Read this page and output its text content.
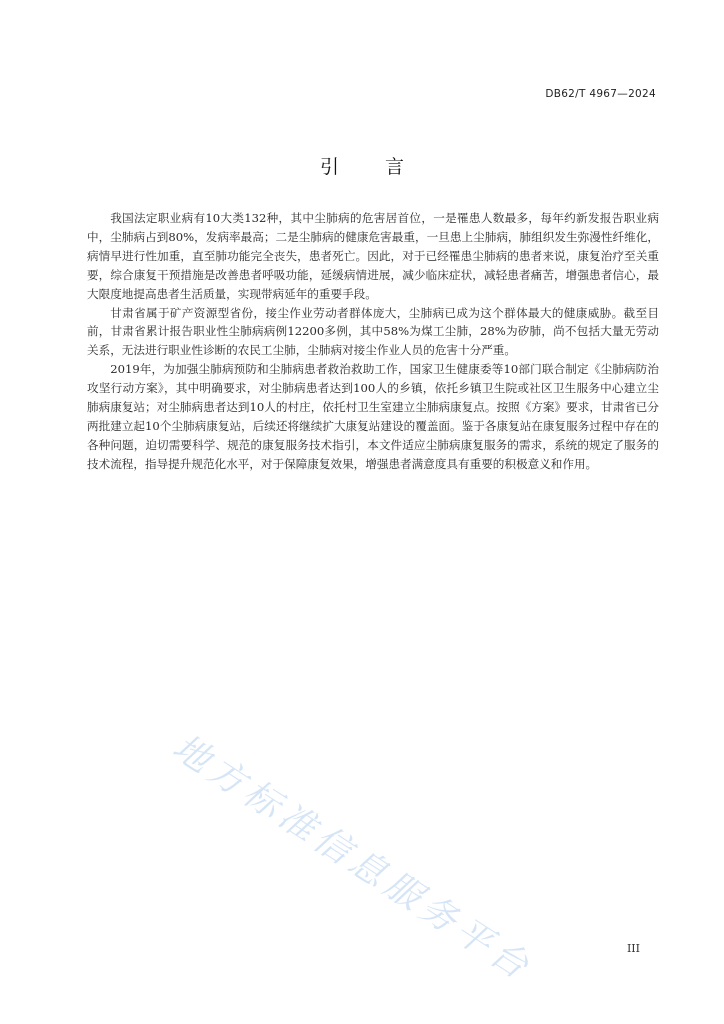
DB62/T 4967—2024
引言

我国法定职业病有10大类132种，其中尘肺病的危害居首位，一是罹患人数最多，每年约新发报告职业病中，尘肺病占到80%，发病率最高；二是尘肺病的健康危害最重，一旦患上尘肺病，肺组织发生弥漫性纤维化，病情早进行性加重，直至肺功能完全丧失，患者死亡。因此，对于已经罹患尘肺病的患者来说，康复治疗至关重要，综合康复干预措施是改善患者呼吸功能，延缓病情进展，减少临床症状，减轻患者痛苦，增强患者信心，最大限度地提高患者生活质量，实现带病延年的重要手段。

甘肃省属于矿产资源型省份，接尘作业劳动者群体庞大，尘肺病已成为这个群体最大的健康威胁。截至目前，甘肃省累计报告职业性尘肺病病例12200多例，其中58%为煤工尘肺，28%为矽肺，尚不包括大量无劳动关系，无法进行职业性诊断的农民工尘肺，尘肺病对接尘作业人员的危害十分严重。

2019年，为加强尘肺病预防和尘肺病患者救治救助工作，国家卫生健康委等10部门联合制定《尘肺病防治攻坚行动方案》，其中明确要求，对尘肺病患者达到100人的乡镇，依托乡镇卫生院或社区卫生服务中心建立尘肺病康复站；对尘肺病患者达到10人的村庄，依托村卫生室建立尘肺病康复点。按照《方案》要求，甘肃省已分两批建立起10个尘肺病康复站，后续还将继续扩大康复站建设的覆盖面。鉴于各康复站在康复服务过程中存在的各种问题，迫切需要科学、规范的康复服务技术指引，本文件适应尘肺病康复服务的需求，系统的规定了服务的技术流程，指导提升规范化水平，对于保障康复效果，增强患者满意度具有重要的积极意义和作用。

地方标准信息服务平台	III
